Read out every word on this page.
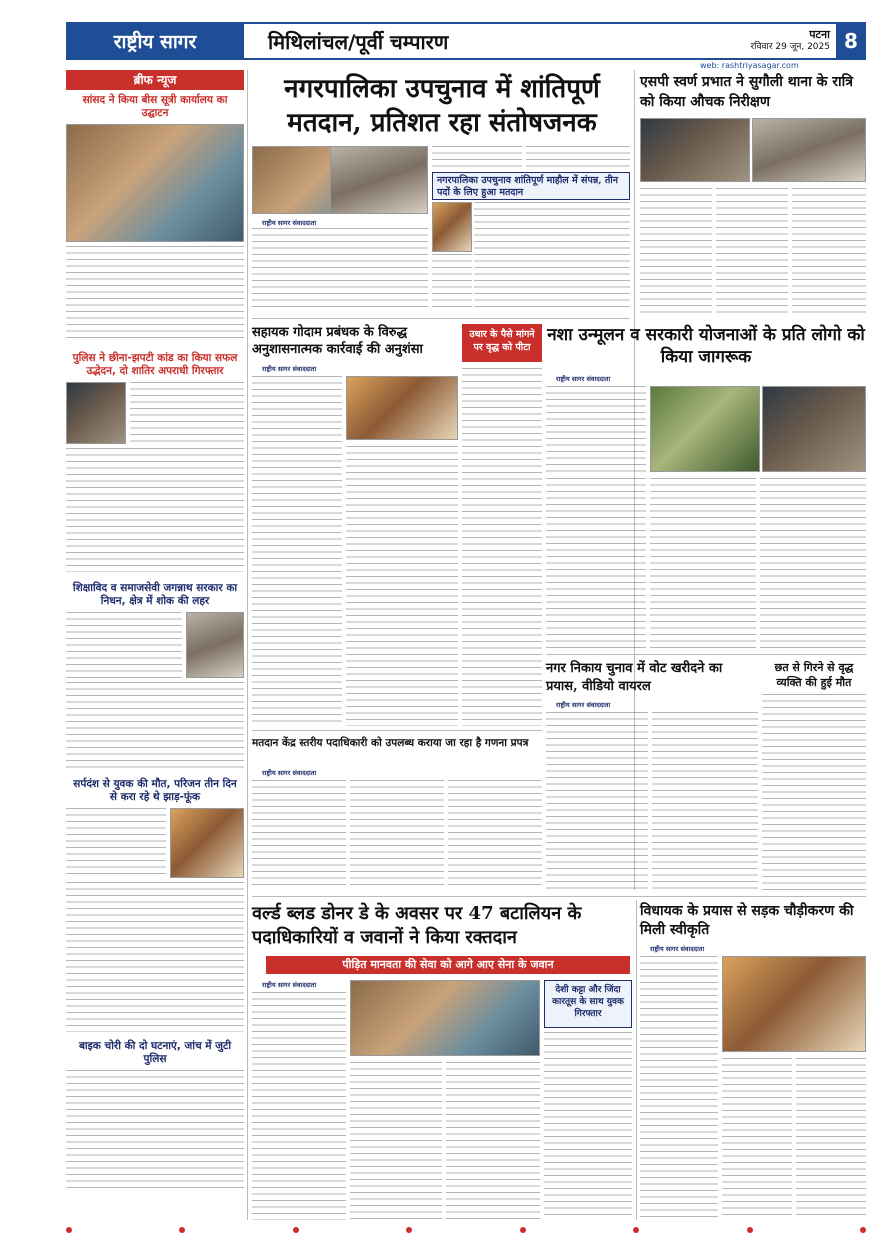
राष्ट्रीय सागर	मिथिलांचल/पूर्वी चम्पारण	पटना
रविवार 29 जून, 2025 8
web: rashtriyasagar.com
ब्रीफ न्यूज
सांसद ने किया बीस सूत्री कार्यालय का उद्घाटन
पुलिस ने छीना-झपटी कांड का किया सफल उद्भेदन, दो शातिर अपराधी गिरफ्तार
शिक्षाविद व समाजसेवी जगन्नाथ सरकार का निधन, क्षेत्र में शोक की लहर
सर्पदंश से युवक की मौत, परिजन तीन दिन से करा रहे थे झाड़-फूंक
बाइक चोरी की दो घटनाएं, जांच में जुटी पुलिस
नगरपालिका उपचुनाव में शांतिपूर्ण मतदान, प्रतिशत रहा संतोषजनक
राष्ट्रीय सागर संवाददाता
नगरपालिका उपचुनाव शांतिपूर्ण माहौल में संपन्न, तीन पदों के लिए हुआ मतदान
एसपी स्वर्ण प्रभात ने सुगौली थाना के रात्रि को किया औचक निरीक्षण
सहायक गोदाम प्रबंधक के विरुद्ध अनुशासनात्मक कार्रवाई की अनुशंसा
राष्ट्रीय सागर संवाददाता
उधार के पैसे मांगने पर वृद्ध को पीटा
नशा उन्मूलन व सरकारी योजनाओं के प्रति लोगो को किया जागरूक
राष्ट्रीय सागर संवाददाता
छत से गिरने से वृद्ध व्यक्ति की हुई मौत
नगर निकाय चुनाव में वोट खरीदने का प्रयास, वीडियो वायरल
राष्ट्रीय सागर संवाददाता
मतदान केंद्र स्तरीय पदाधिकारी को उपलब्ध कराया जा रहा है गणना प्रपत्र
राष्ट्रीय सागर संवाददाता
वर्ल्ड ब्लड डोनर डे के अवसर पर 47 बटालियन के पदाधिकारियों व जवानों ने किया रक्तदान
पीड़ित मानवता की सेवा को आगे आए सेना के जवान
राष्ट्रीय सागर संवाददाता	देशी कट्टा और जिंदा कारतूस के साथ युवक गिरफ्तार
विधायक के प्रयास से सड़क चौड़ीकरण की मिली स्वीकृति
राष्ट्रीय सागर संवाददाता
